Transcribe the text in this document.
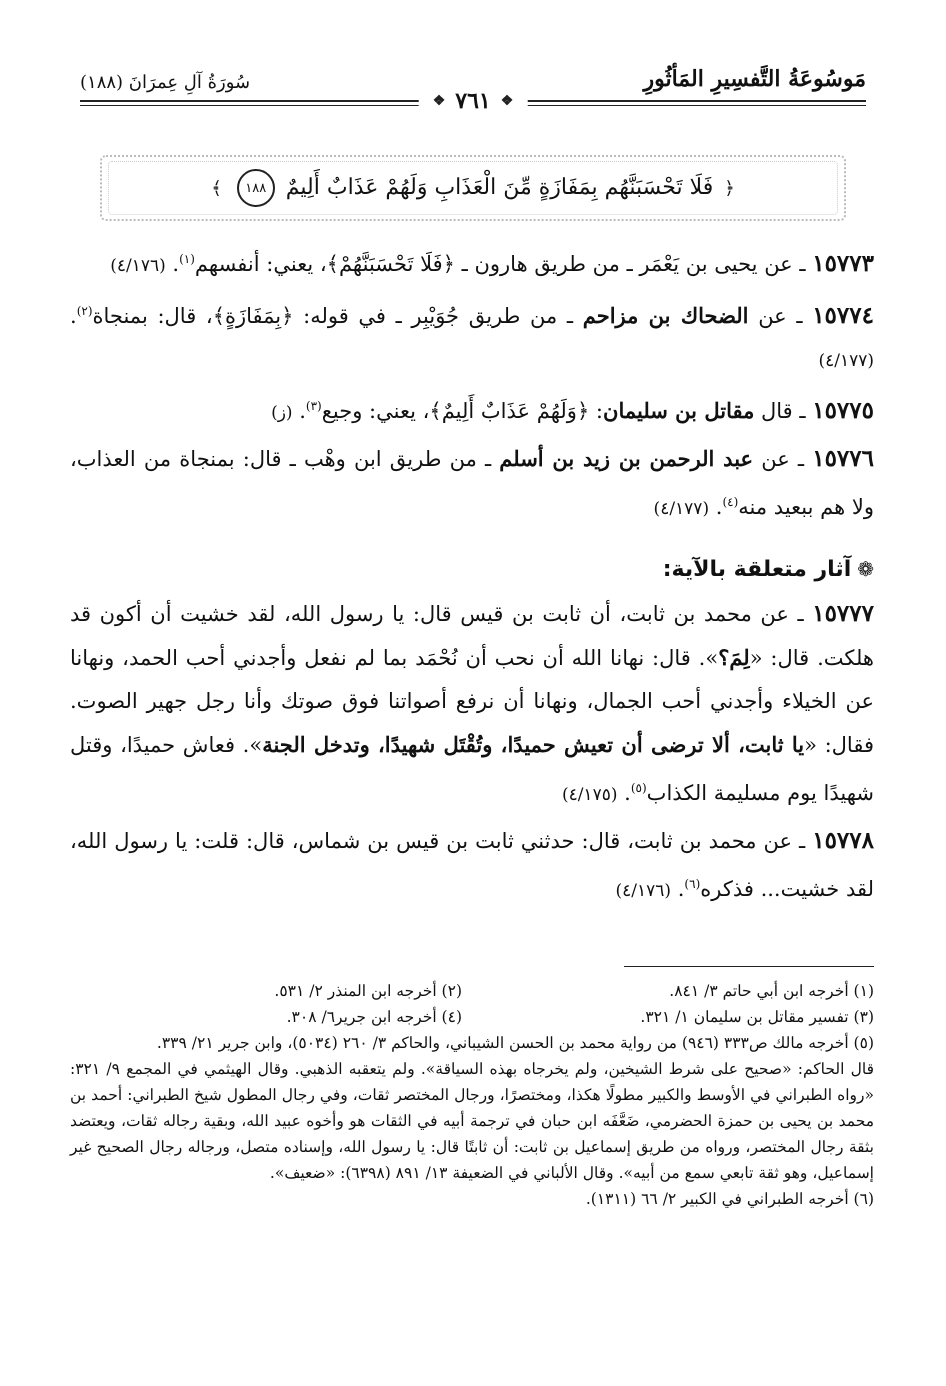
مَوسُوعَةُ التَّفسِيرِ المَأثُورِ
سُورَةُ آلِ عِمرَانَ (١٨٨)
❖ ٧٦١ ❖
﴿ فَلَا تَحْسَبَنَّهُم بِمَفَازَةٍ مِّنَ الْعَذَابِ وَلَهُمْ عَذَابٌ أَلِيمٌ ١٨٨ ﴾

١٥٧٧٣ ـ عن يحيى بن يَعْمَر ـ من طريق هارون ـ ﴿فَلَا تَحْسَبَنَّهُمْ﴾، يعني: أنفسهم$^{(١)}$. (٤/١٧٦)

١٥٧٧٤ ـ عن الضحاك بن مزاحم ـ من طريق جُوَيْبِر ـ في قوله: ﴿بِمَفَازَةٍ﴾، قال: بمنجاة$^{(٢)}$. (٤/١٧٧)

١٥٧٧٥ ـ قال مقاتل بن سليمان: ﴿وَلَهُمْ عَذَابٌ أَلِيمٌ﴾، يعني: وجيع$^{(٣)}$. (ز)

١٥٧٧٦ ـ عن عبد الرحمن بن زيد بن أسلم ـ من طريق ابن وهْب ـ قال: بمنجاة من العذاب، ولا هم ببعيد منه$^{(٤)}$. (٤/١٧٧)

❁آثار متعلقة بالآية:

١٥٧٧٧ ـ عن محمد بن ثابت، أن ثابت بن قيس قال: يا رسول الله، لقد خشيت أن أكون قد هلكت. قال: «لِمَ؟». قال: نهانا الله أن نحب أن نُحْمَد بما لم نفعل وأجدني أحب الحمد، ونهانا عن الخيلاء وأجدني أحب الجمال، ونهانا أن نرفع أصواتنا فوق صوتك وأنا رجل جهير الصوت. فقال: «يا ثابت، ألا ترضى أن تعيش حميدًا، وتُقْتَل شهيدًا، وتدخل الجنة». فعاش حميدًا، وقتل شهيدًا يوم مسليمة الكذاب$^{(٥)}$. (٤/١٧٥)

١٥٧٧٨ ـ عن محمد بن ثابت، قال: حدثني ثابت بن قيس بن شماس، قال: قلت: يا رسول الله، لقد خشيت... فذكره$^{(٦)}$. (٤/١٧٦)

(١) أخرجه ابن أبي حاتم ٣/ ٨٤١.
(٢) أخرجه ابن المنذر ٢/ ٥٣١.
(٣) تفسير مقاتل بن سليمان ١/ ٣٢١.
(٤) أخرجه ابن جرير٦/ ٣٠٨.
(٥) أخرجه مالك ص٣٣٣ (٩٤٦) من رواية محمد بن الحسن الشيباني، والحاكم ٣/ ٢٦٠ (٥٠٣٤)، وابن جرير ٢١/ ٣٣٩.
قال الحاكم: «صحيح على شرط الشيخين، ولم يخرجاه بهذه السياقة». ولم يتعقبه الذهبي. وقال الهيثمي في المجمع ٩/ ٣٢١: «رواه الطبراني في الأوسط والكبير مطولًا هكذا، ومختصرًا، ورجال المختصر ثقات، وفي رجال المطول شيخ الطبراني: أحمد بن محمد بن يحيى بن حمزة الحضرمي، ضَعَّفَه ابن حبان في ترجمة أبيه في الثقات هو وأخوه عبيد الله، وبقية رجاله ثقات، ويعتضد بثقة رجال المختصر، ورواه من طريق إسماعيل بن ثابت: أن ثابتًا قال: يا رسول الله، وإسناده متصل، ورجاله رجال الصحيح غير إسماعيل، وهو ثقة تابعي سمع من أبيه». وقال الألباني في الضعيفة ١٣/ ٨٩١ (٦٣٩٨): «ضعيف».
(٦) أخرجه الطبراني في الكبير ٢/ ٦٦ (١٣١١).
